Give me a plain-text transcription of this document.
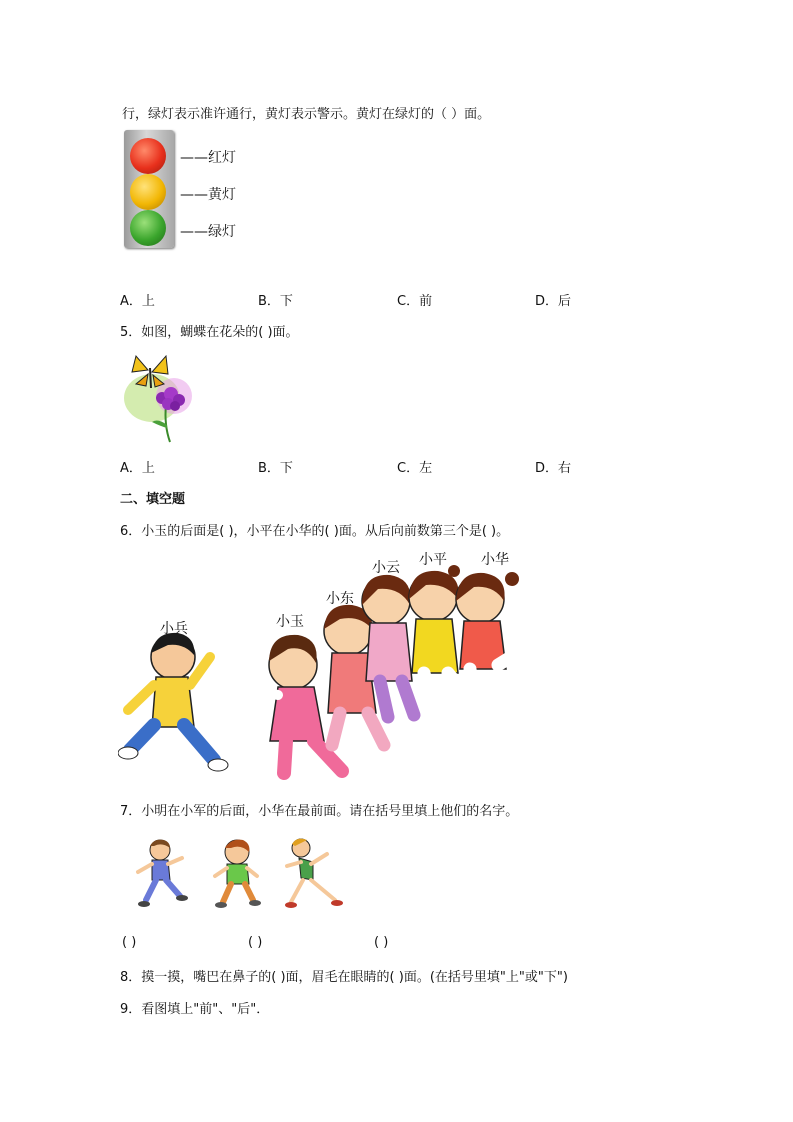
行，绿灯表示准许通行，黄灯表示警示。黄灯在绿灯的（ ）面。
——红灯
——黄灯
——绿灯
A．上	B．下	C．前	D．后
5．如图，蝴蝶在花朵的( )面。
A．上	B．下	C．左	D．右
二、填空题
6．小玉的后面是( )，小平在小华的( )面。从后向前数第三个是( )。
小兵	小玉
小东
小云 小平 小华
7．小明在小军的后面，小华在最前面。请在括号里填上他们的名字。
( )	( )	( )
8．摸一摸，嘴巴在鼻子的( )面，眉毛在眼睛的( )面。(在括号里填"上"或"下")
9．看图填上"前"、"后"．
